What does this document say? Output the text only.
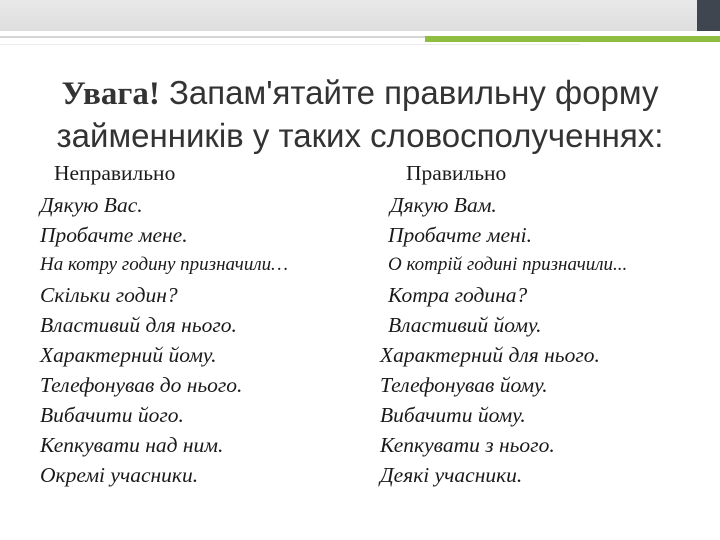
Увага! Запам'ятайте правильну форму
займенників у таких словосполученнях:
Неправильно
Дякую Вас.
Пробачте мене.
На котру годину призначили…
Скільки годин?
Властивий для нього.
Характерний йому.
Телефонував до нього.
Вибачити його.
Кепкувати над ним.
Окремі учасники.
Правильно
Дякую Вам.
Пробачте мені.
О котрій годині призначили...
Котра година?
Властивий йому.
Характерний для нього.
Телефонував йому.
Вибачити йому.
Кепкувати з нього.
Деякі учасники.
